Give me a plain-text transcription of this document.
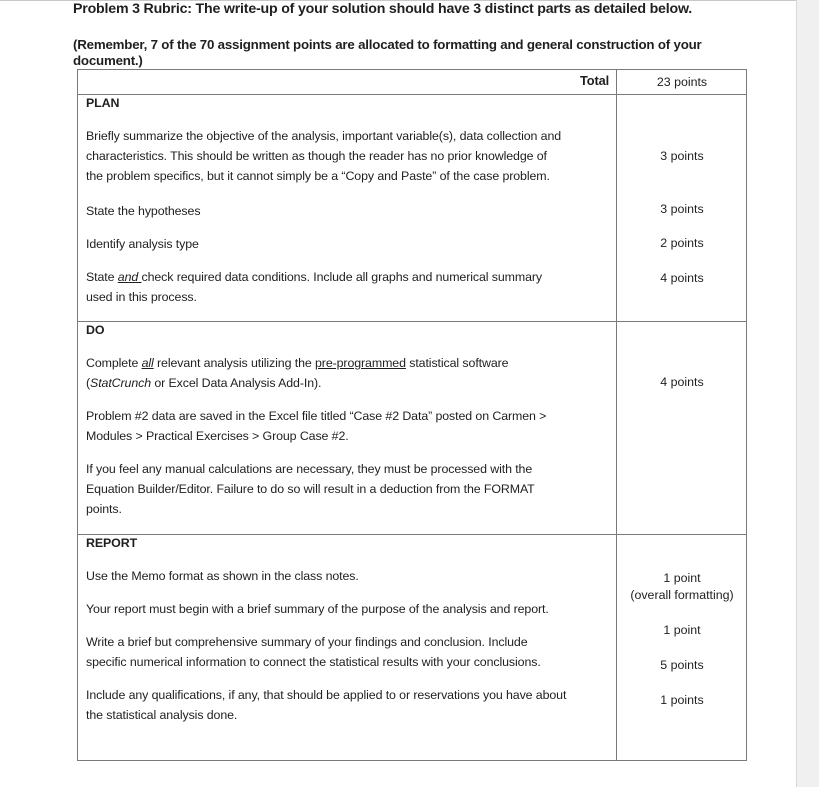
Problem 3 Rubric: The write-up of your solution should have 3 distinct parts as detailed below.
(Remember, 7 of the 70 assignment points are allocated to formatting and general construction of your document.)
Total	23 points
PLAN
Briefly summarize the objective of the analysis, important variable(s), data collection and
characteristics. This should be written as though the reader has no prior knowledge of
the problem specifics, but it cannot simply be a “Copy and Paste” of the case problem.
3 points
State the hypotheses	3 points
Identify analysis type	2 points
State and check required data conditions. Include all graphs and numerical summary
used in this process.
4 points
DO
Complete all relevant analysis utilizing the pre-programmed statistical software
(StatCrunch or Excel Data Analysis Add-In).	4 points
Problem #2 data are saved in the Excel file titled “Case #2 Data” posted on Carmen >
Modules > Practical Exercises > Group Case #2.
If you feel any manual calculations are necessary, they must be processed with the
Equation Builder/Editor. Failure to do so will result in a deduction from the FORMAT
points.
REPORT
Use the Memo format as shown in the class notes.	1 point
(overall formatting)
Your report must begin with a brief summary of the purpose of the analysis and report.
1 point
Write a brief but comprehensive summary of your findings and conclusion. Include
specific numerical information to connect the statistical results with your conclusions.	5 points
Include any qualifications, if any, that should be applied to or reservations you have about
the statistical analysis done.
1 points
